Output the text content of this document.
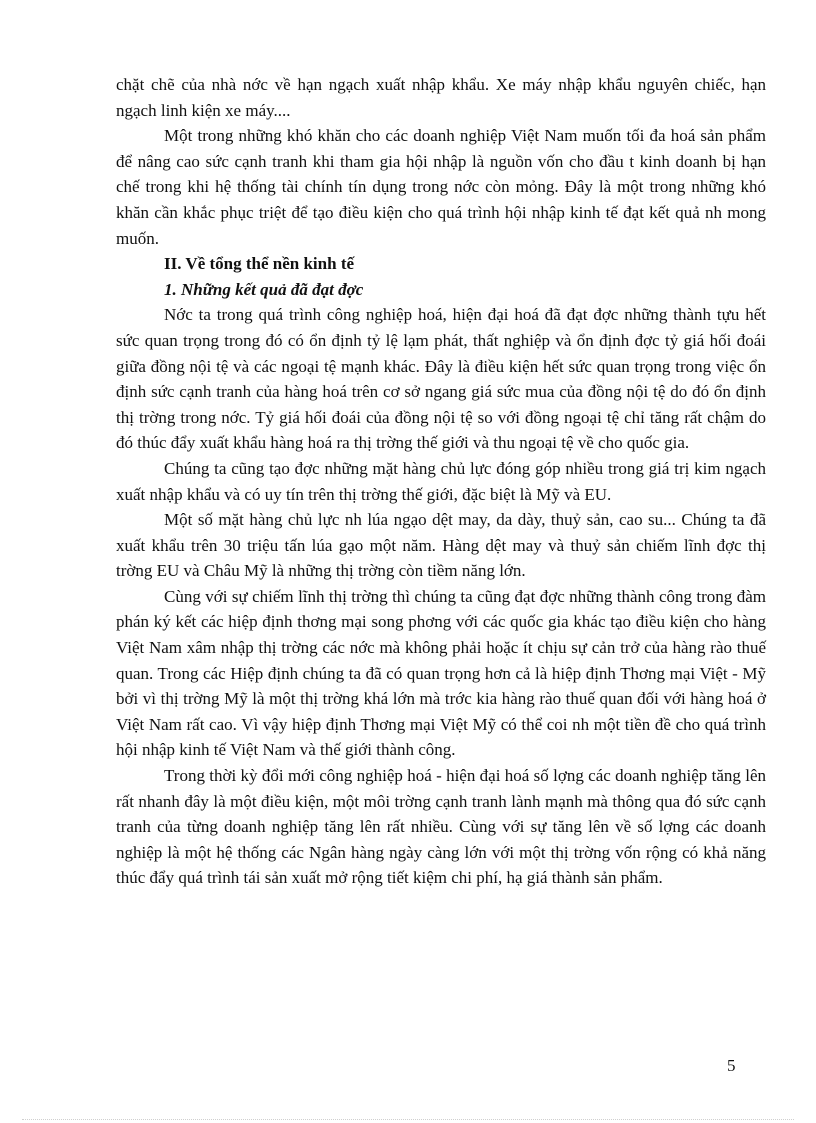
chặt chẽ của nhà nớc về hạn ngạch xuất nhập khẩu. Xe máy nhập khẩu nguyên chiếc, hạn ngạch linh kiện xe máy....

Một trong những khó khăn cho các doanh nghiệp Việt Nam muốn tối đa hoá sản phẩm để nâng cao sức cạnh tranh khi tham gia hội nhập là nguồn vốn cho đầu t kinh doanh bị hạn chế trong khi hệ thống tài chính tín dụng trong nớc còn mỏng. Đây là một trong những khó khăn cần khắc phục triệt để tạo điều kiện cho quá trình hội nhập kinh tế đạt kết quả nh mong muốn.

II. Về tổng thể nền kinh tế

1. Những kết quả đã đạt đợc

Nớc ta trong quá trình công nghiệp hoá, hiện đại hoá đã đạt đợc những thành tựu hết sức quan trọng trong đó có ổn định tỷ lệ lạm phát, thất nghiệp và ổn định đợc tỷ giá hối đoái giữa đồng nội tệ và các ngoại tệ mạnh khác. Đây là điều kiện hết sức quan trọng trong việc ổn định sức cạnh tranh của hàng hoá trên cơ sở ngang giá sức mua của đồng nội tệ do đó ổn định thị trờng trong nớc. Tỷ giá hối đoái của đồng nội tệ so với đồng ngoại tệ chỉ tăng rất chậm do đó thúc đẩy xuất khẩu hàng hoá ra thị trờng thế giới và thu ngoại tệ về cho quốc gia.

Chúng ta cũng tạo đợc những mặt hàng chủ lực đóng góp nhiều trong giá trị kim ngạch xuất nhập khẩu và có uy tín trên thị trờng thế giới, đặc biệt là Mỹ và EU.

Một số mặt hàng chủ lực nh lúa ngạo dệt may, da dày, thuỷ sản, cao su... Chúng ta đã xuất khẩu trên 30 triệu tấn lúa gạo một năm. Hàng dệt may và thuỷ sản chiếm lĩnh đợc thị trờng EU và Châu Mỹ là những thị trờng còn tiềm năng lớn.

Cùng với sự chiếm lĩnh thị trờng thì chúng ta cũng đạt đợc những thành công trong đàm phán ký kết các hiệp định thơng mại song phơng với các quốc gia khác tạo điều kiện cho hàng Việt Nam xâm nhập thị trờng các nớc mà không phải hoặc ít chịu sự cản trở của hàng rào thuế quan. Trong các Hiệp định chúng ta đã có quan trọng hơn cả là hiệp định Thơng mại Việt - Mỹ bởi vì thị trờng Mỹ là một thị trờng khá lớn mà trớc kia hàng rào thuế quan đối với hàng hoá ở Việt Nam rất cao. Vì vậy hiệp định Thơng mại Việt Mỹ có thể coi nh một tiền đề cho quá trình hội nhập kinh tế Việt Nam và thế giới thành công.

Trong thời kỳ đổi mới công nghiệp hoá - hiện đại hoá số lợng các doanh nghiệp tăng lên rất nhanh đây là một điều kiện, một môi trờng cạnh tranh lành mạnh mà thông qua đó sức cạnh tranh của từng doanh nghiệp tăng lên rất nhiều. Cùng với sự tăng lên về số lợng các doanh nghiệp là một hệ thống các Ngân hàng ngày càng lớn với một thị trờng vốn rộng có khả năng thúc đẩy quá trình tái sản xuất mở rộng tiết kiệm chi phí, hạ giá thành sản phẩm.

5
